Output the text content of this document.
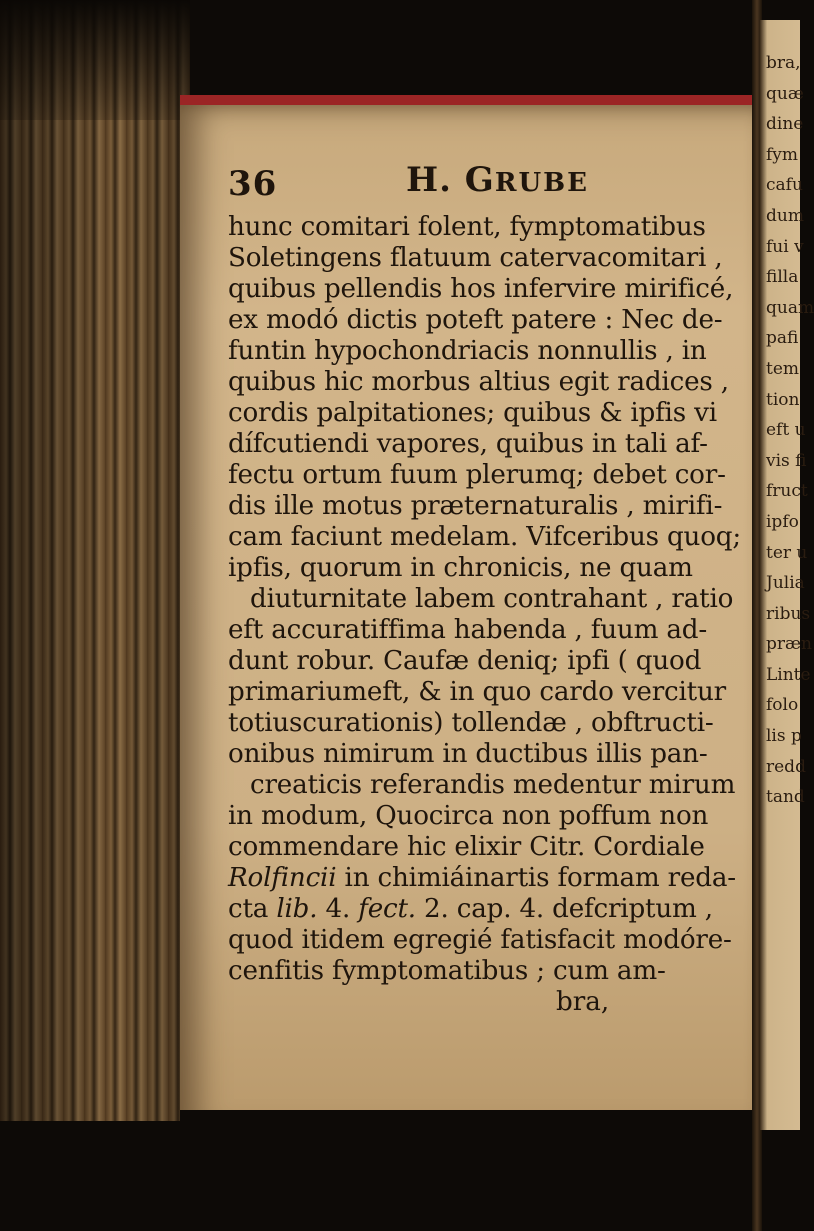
bra,
quæ
dine
fym
cafu
dum
fui v
filla
quam
pafi
tem
tion
eft u
vis fi
fruct
ipfo
ter u
Julia
ribus
præn
Linte
folo
lis p
redd
tand
36	H. GRUBE
hunc comitari folent, fymptomatibus
Soletingens flatuum catervacomitari ,
quibus pellendis hos infervire mirificé,
ex modó dictis poteft patere : Nec de-
funtin hypochondriacis nonnullis , in
quibus hic morbus altius egit radices ,
cordis palpitationes; quibus & ipfis vi
dífcutiendi vapores, quibus in tali af-
fectu ortum fuum plerumq; debet cor-
dis ille motus præternaturalis , mirifi-
cam faciunt medelam. Vifceribus quoq;
ipfis, quorum in chronicis, ne quam
diuturnitate labem contrahant , ratio
eft accuratiffima habenda , fuum ad-
dunt robur. Caufæ deniq; ipfi ( quod
primariumeft, & in quo cardo vercitur
totiuscurationis) tollendæ , obftructi-
onibus nimirum in ductibus illis pan-
creaticis referandis medentur mirum
in modum, Quocirca non poffum non
commendare hic elixir Citr. Cordiale
Rolfincii in chimiáinartis formam reda-
cta lib. 4. fect. 2. cap. 4. defcriptum ,
quod itidem egregié fatisfacit modóre-
cenfitis fymptomatibus ; cum am-
bra,
